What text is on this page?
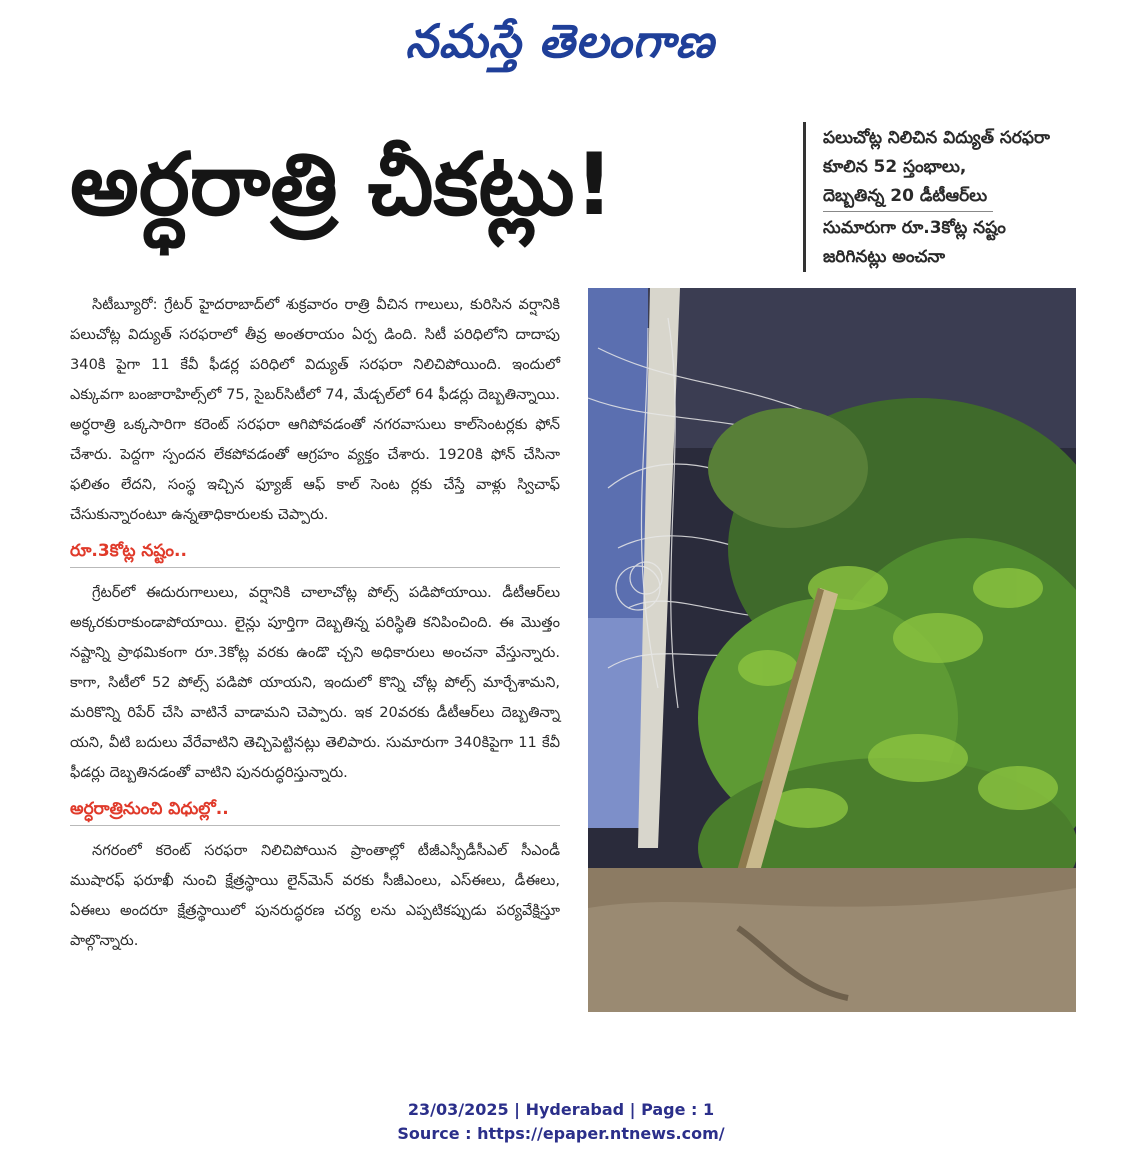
నమస్తే తెలంగాణ
అర్ధరాత్రి చీకట్లు!	పలుచోట్ల నిలిచిన విద్యుత్ సరఫరా
కూలిన 52 స్తంభాలు,
దెబ్బతిన్న 20 డీటీఆర్‌లు
సుమారుగా రూ.3కోట్ల నష్టం
జరిగినట్లు అంచనా

సిటీబ్యూరో: గ్రేటర్ హైదరాబాద్‌లో శుక్రవారం రాత్రి వీచిన గాలులు, కురిసిన వర్షానికి పలుచోట్ల విద్యుత్ సరఫరాలో తీవ్ర అంతరాయం ఏర్ప డింది. సిటీ పరిధిలోని దాదాపు 340కి పైగా 11 కేవీ ఫీడర్ల పరిధిలో విద్యుత్ సరఫరా నిలిచిపోయింది. ఇందులో ఎక్కువగా బంజారాహిల్స్‌లో 75, సైబర్‌సిటీలో 74, మేడ్చల్‌లో 64 ఫీడర్లు దెబ్బతిన్నాయి. అర్ధరాత్రి ఒక్కసారిగా కరెంట్ సరఫరా ఆగిపోవడంతో నగరవాసులు కాల్‌సెంటర్లకు ఫోన్ చేశారు. పెద్దగా స్పందన లేకపోవడంతో ఆగ్రహం వ్యక్తం చేశారు. 1920కి ఫోన్ చేసినా ఫలితం లేదని, సంస్థ ఇచ్చిన ఫ్యూజ్ ఆఫ్ కాల్ సెంట ర్లకు చేస్తే వాళ్లు స్విచాఫ్ చేసుకున్నారంటూ ఉన్నతాధికారులకు చెప్పారు.

రూ.3కోట్ల నష్టం..

గ్రేటర్‌లో ఈదురుగాలులు, వర్షానికి చాలాచోట్ల పోల్స్ పడిపోయాయి. డీటీఆర్‌లు అక్కరకురాకుండాపోయాయి. లైన్లు పూర్తిగా దెబ్బతిన్న పరిస్థితి కనిపించింది. ఈ మొత్తం నష్టాన్ని ప్రాథమికంగా రూ.3కోట్ల వరకు ఉండొ చ్చని అధికారులు అంచనా వేస్తున్నారు. కాగా, సిటీలో 52 పోల్స్ పడిపో యాయని, ఇందులో కొన్ని చోట్ల పోల్స్ మార్చేశామని, మరికొన్ని రిపేర్ చేసి వాటినే వాడామని చెప్పారు. ఇక 20వరకు డీటీఆర్‌లు దెబ్బతిన్నా యని, వీటి బదులు వేరేవాటిని తెచ్చిపెట్టినట్లు తెలిపారు. సుమారుగా 340కిపైగా 11 కేవీ ఫీడర్లు దెబ్బతినడంతో వాటిని పునరుద్ధరిస్తున్నారు.

అర్ధరాత్రినుంచి విధుల్లో..

నగరంలో కరెంట్ సరఫరా నిలిచిపోయిన ప్రాంతాల్లో టీజీఎస్పీడీసీఎల్ సీఎండీ ముషారఫ్ ఫరూఖీ నుంచి క్షేత్రస్థాయి లైన్‌మెన్ వరకు సీజీఎంలు, ఎస్‌ఈలు, డీఈలు, ఏఈలు అందరూ క్షేత్రస్థాయిలో పునరుద్ధరణ చర్య లను ఎప్పటికప్పుడు పర్యవేక్షిస్తూ పాల్గొన్నారు.

23/03/2025 | Hyderabad | Page : 1
Source : https://epaper.ntnews.com/
